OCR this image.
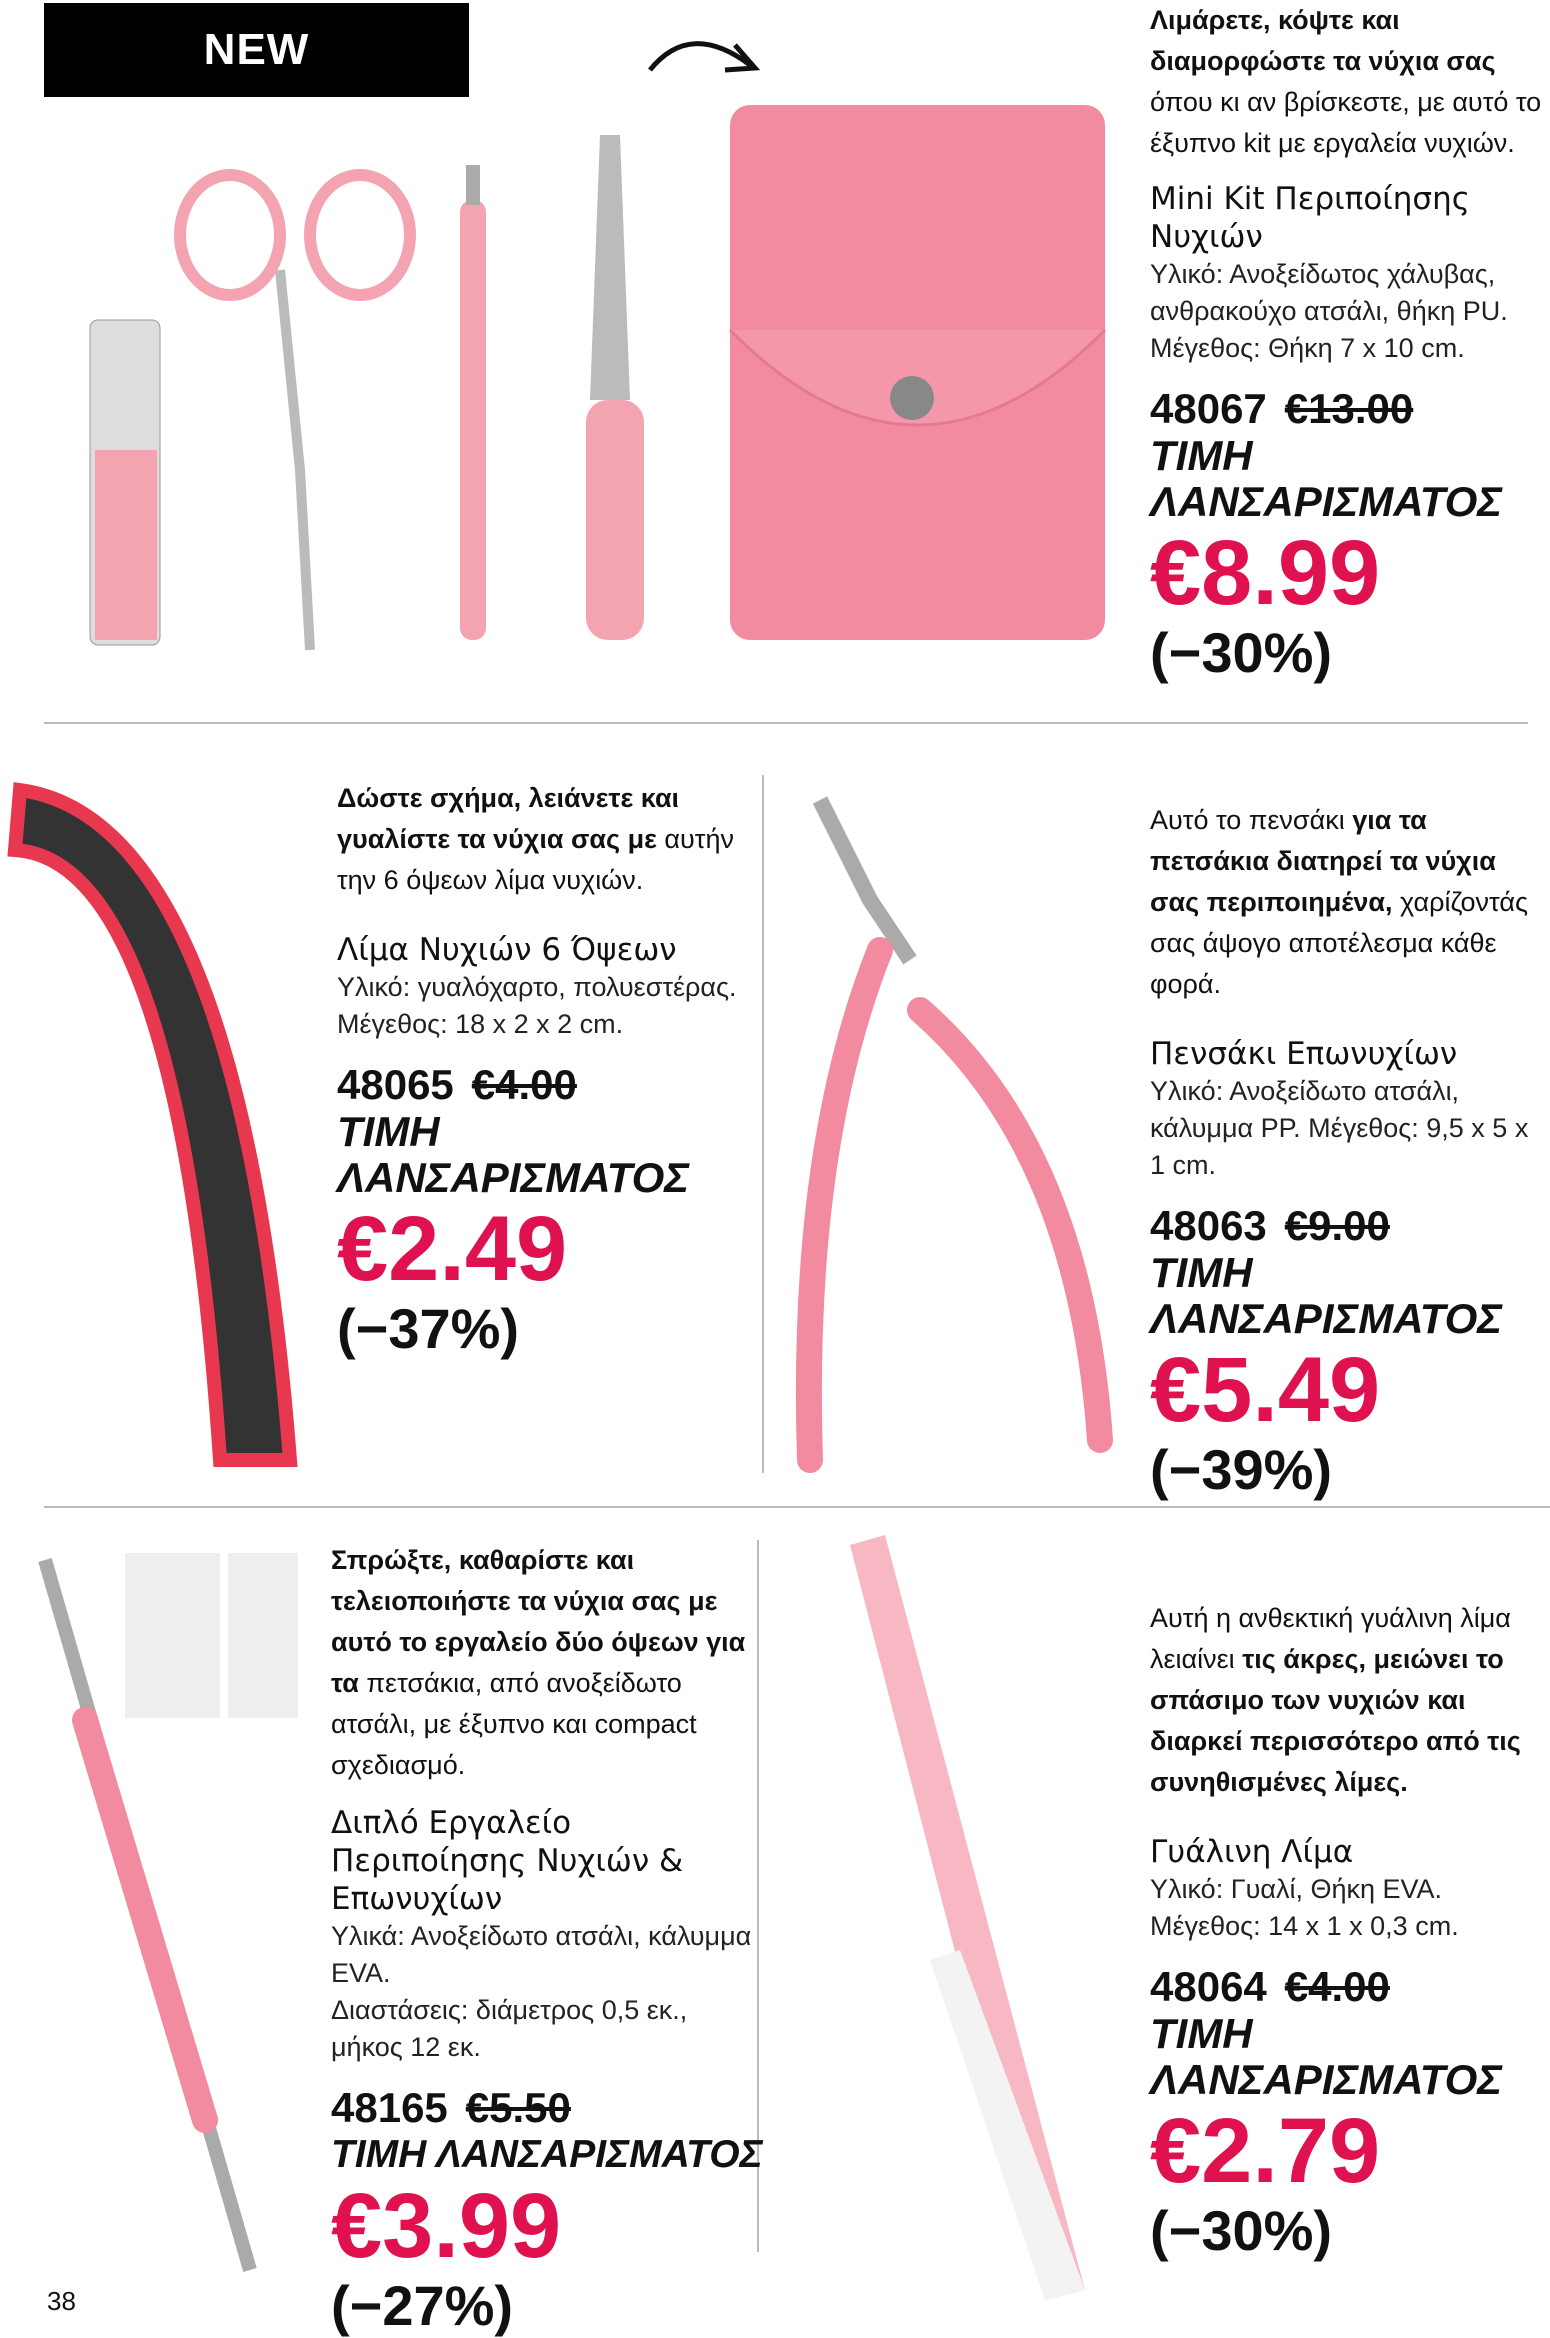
NEW
Λιμάρετε, κόψτε και διαμορφώστε τα νύχια σας όπου κι αν βρίσκεστε, με αυτό το έξυπνο kit με εργαλεία νυχιών.
Mini Kit Περιποίησης Νυχιών
Υλικό: Ανοξείδωτος χάλυβας, ανθρακούχο ατσάλι, θήκη PU.
Μέγεθος: Θήκη 7 x 10 cm.
48067 €13.00
ΤΙΜΗ ΛΑΝΣΑΡΙΣΜΑΤΟΣ
€8.99
(−30%)
Δώστε σχήμα, λειάνετε και γυαλίστε τα νύχια σας με αυτήν την 6 όψεων λίμα νυχιών.
Λίμα Νυχιών 6 Όψεων
Υλικό: γυαλόχαρτο, πολυεστέρας. Μέγεθος: 18 x 2 x 2 cm.
48065 €4.00
ΤΙΜΗ ΛΑΝΣΑΡΙΣΜΑΤΟΣ
€2.49
(−37%)
Αυτό το πενσάκι για τα πετσάκια διατηρεί τα νύχια σας περιποιημένα, χαρίζοντάς σας άψογο αποτέλεσμα κάθε φορά.
Πενσάκι Επωνυχίων
Υλικό: Ανοξείδωτο ατσάλι, κάλυμμα PP. Μέγεθος: 9,5 x 5 x 1 cm.
48063 €9.00
ΤΙΜΗ ΛΑΝΣΑΡΙΣΜΑΤΟΣ
€5.49
(−39%)
Σπρώξτε, καθαρίστε και τελειοποιήστε τα νύχια σας με αυτό το εργαλείο δύο όψεων για τα πετσάκια, από ανοξείδωτο ατσάλι, με έξυπνο και compact σχεδιασμό.
Διπλό Εργαλείο Περιποίησης Νυχιών & Επωνυχίων
Υλικά: Ανοξείδωτο ατσάλι, κάλυμμα EVA.
Διαστάσεις: διάμετρος 0,5 εκ., μήκος 12 εκ.
48165 €5.50
ΤΙΜΗ ΛΑΝΣΑΡΙΣΜΑΤΟΣ
€3.99
(−27%)
Αυτή η ανθεκτική γυάλινη λίμα λειαίνει τις άκρες, μειώνει το σπάσιμο των νυχιών και διαρκεί περισσότερο από τις συνηθισμένες λίμες.
Γυάλινη Λίμα
Υλικό: Γυαλί, Θήκη EVA.
Μέγεθος: 14 x 1 x 0,3 cm.
48064 €4.00
ΤΙΜΗ ΛΑΝΣΑΡΙΣΜΑΤΟΣ
€2.79
(−30%)
38
